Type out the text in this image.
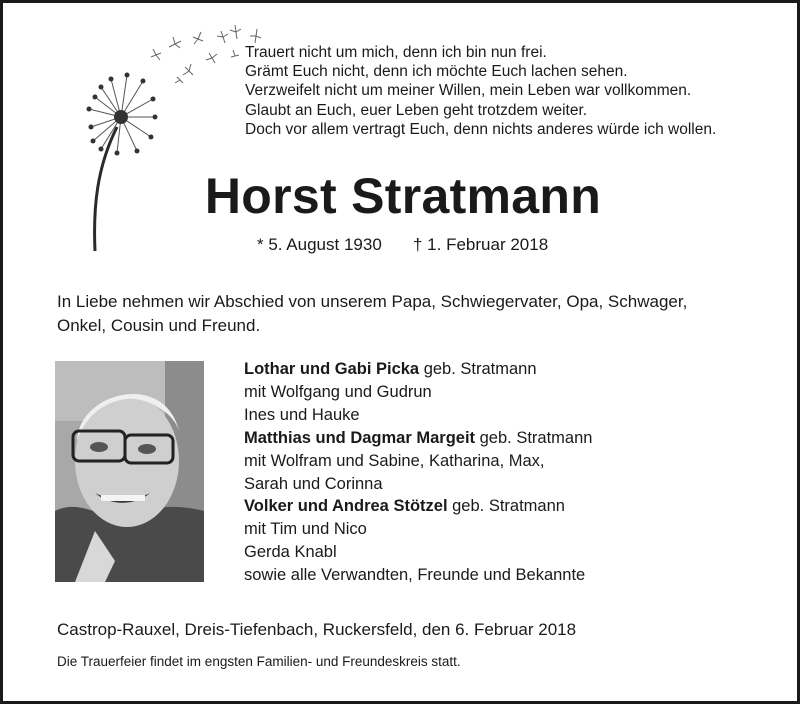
Trauert nicht um mich, denn ich bin nun frei.
Grämt Euch nicht, denn ich möchte Euch lachen sehen.
Verzweifelt nicht um meiner Willen, mein Leben war vollkommen.
Glaubt an Euch, euer Leben geht trotzdem weiter.
Doch vor allem vertragt Euch, denn nichts anderes würde ich wollen.
Horst Stratmann
* 5. August 1930 † 1. Februar 2018
In Liebe nehmen wir Abschied von unserem Papa, Schwiegervater, Opa, Schwager,
Onkel, Cousin und Freund.
Lothar und Gabi Picka geb. Stratmann
mit Wolfgang und Gudrun
Ines und Hauke
Matthias und Dagmar Margeit geb. Stratmann
mit Wolfram und Sabine, Katharina, Max,
Sarah und Corinna
Volker und Andrea Stötzel geb. Stratmann
mit Tim und Nico
Gerda Knabl
sowie alle Verwandten, Freunde und Bekannte
Castrop-Rauxel, Dreis-Tiefenbach, Ruckersfeld, den 6. Februar 2018
Die Trauerfeier findet im engsten Familien- und Freundeskreis statt.
